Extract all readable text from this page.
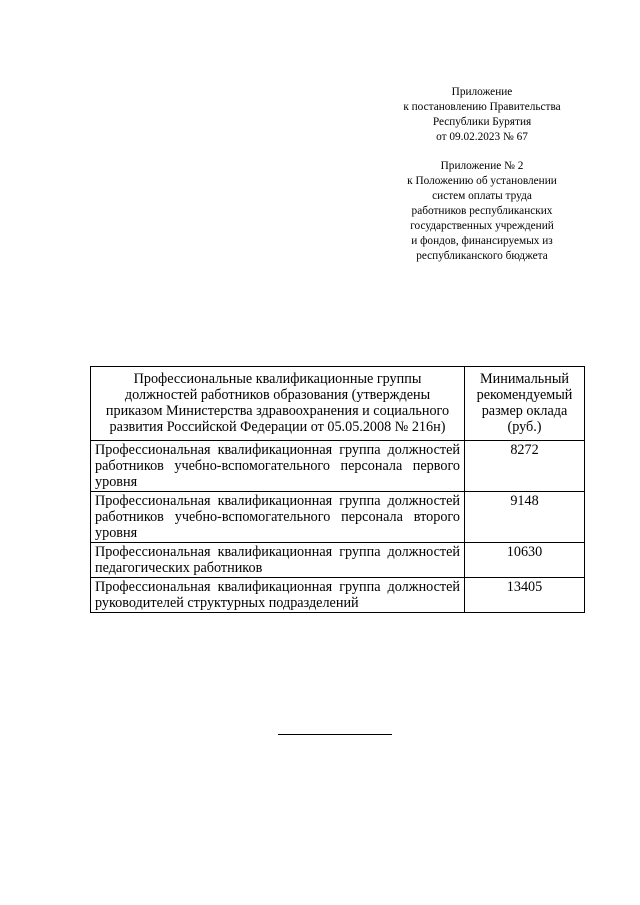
Приложение
к постановлению Правительства
Республики Бурятия
от 09.02.2023 № 67
Приложение № 2
к Положению об установлении
систем оплаты труда
работников республиканских
государственных учреждений
и фондов, финансируемых из
республиканского бюджета
Профессиональные квалификационные группы должностей работников образования (утверждены приказом Министерства здравоохранения и социального развития Российской Федерации от 05.05.2008 № 216н)	Минимальный рекомендуемый размер оклада (руб.)
Профессиональная квалификационная группа должностей работников учебно-вспомогательного персонала первого уровня	8272
Профессиональная квалификационная группа должностей работников учебно-вспомогательного персонала второго уровня	9148
Профессиональная квалификационная группа должностей педагогических работников	10630
Профессиональная квалификационная группа должностей руководителей структурных подразделений	13405
